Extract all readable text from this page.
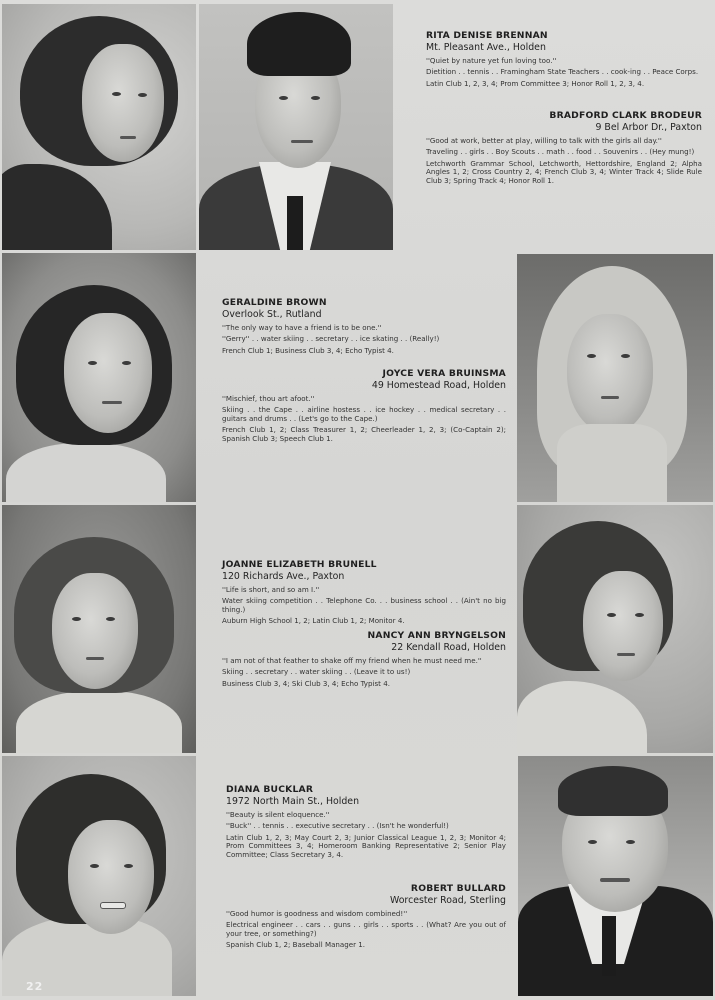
RITA DENISE BRENNAN
Mt. Pleasant Ave., Holden
''Quiet by nature yet fun loving too.''
Dietition . . tennis . . Framingham State Teachers . . cook-ing . . Peace Corps.
Latin Club 1, 2, 3, 4; Prom Committee 3; Honor Roll 1, 2, 3, 4.
BRADFORD CLARK BRODEUR
9 Bel Arbor Dr., Paxton
''Good at work, better at play, willing to talk with the girls all day.''
Traveling . . girls . . Boy Scouts . . math . . food . . Souvenirs . . (Hey mung!)
Letchworth Grammar School, Letchworth, Hettordshire, England 2; Alpha Angles 1, 2; Cross Country 2, 4; French Club 3, 4; Winter Track 4; Slide Rule Club 3; Spring Track 4; Honor Roll 1.
GERALDINE BROWN
Overlook St., Rutland
''The only way to have a friend is to be one.''
''Gerry'' . . water skiing . . secretary . . ice skating . . (Really!)
French Club 1; Business Club 3, 4; Echo Typist 4.
JOYCE VERA BRUINSMA
49 Homestead Road, Holden
''Mischief, thou art afoot.''
Skiing . . the Cape . . airline hostess . . ice hockey . . medical secretary . . guitars and drums . . (Let's go to the Cape.)
French Club 1, 2; Class Treasurer 1, 2; Cheerleader 1, 2, 3; (Co-Captain 2); Spanish Club 3; Speech Club 1.
JOANNE ELIZABETH BRUNELL
120 Richards Ave., Paxton
''Life is short, and so am I.''
Water skiing competition . . Telephone Co. . . business school . . (Ain't no big thing.)
Auburn High School 1, 2; Latin Club 1, 2; Monitor 4.
NANCY ANN BRYNGELSON
22 Kendall Road, Holden
''I am not of that feather to shake off my friend when he must need me.''
Skiing . . secretary . . water skiing . . (Leave it to us!)
Business Club 3, 4; Ski Club 3, 4; Echo Typist 4.
22
DIANA BUCKLAR
1972 North Main St., Holden
''Beauty is silent eloquence.''
''Buck'' . . tennis . . executive secretary . . (Isn't he wonderful!)
Latin Club 1, 2, 3; May Court 2, 3; Junior Classical League 1, 2, 3; Monitor 4; Prom Committees 3, 4; Homeroom Banking Representative 2; Senior Play Committee; Class Secretary 3, 4.
ROBERT BULLARD
Worcester Road, Sterling
''Good humor is goodness and wisdom combined!''
Electrical engineer . . cars . . guns . . girls . . sports . . (What? Are you out of your tree, or something?)
Spanish Club 1, 2; Baseball Manager 1.
